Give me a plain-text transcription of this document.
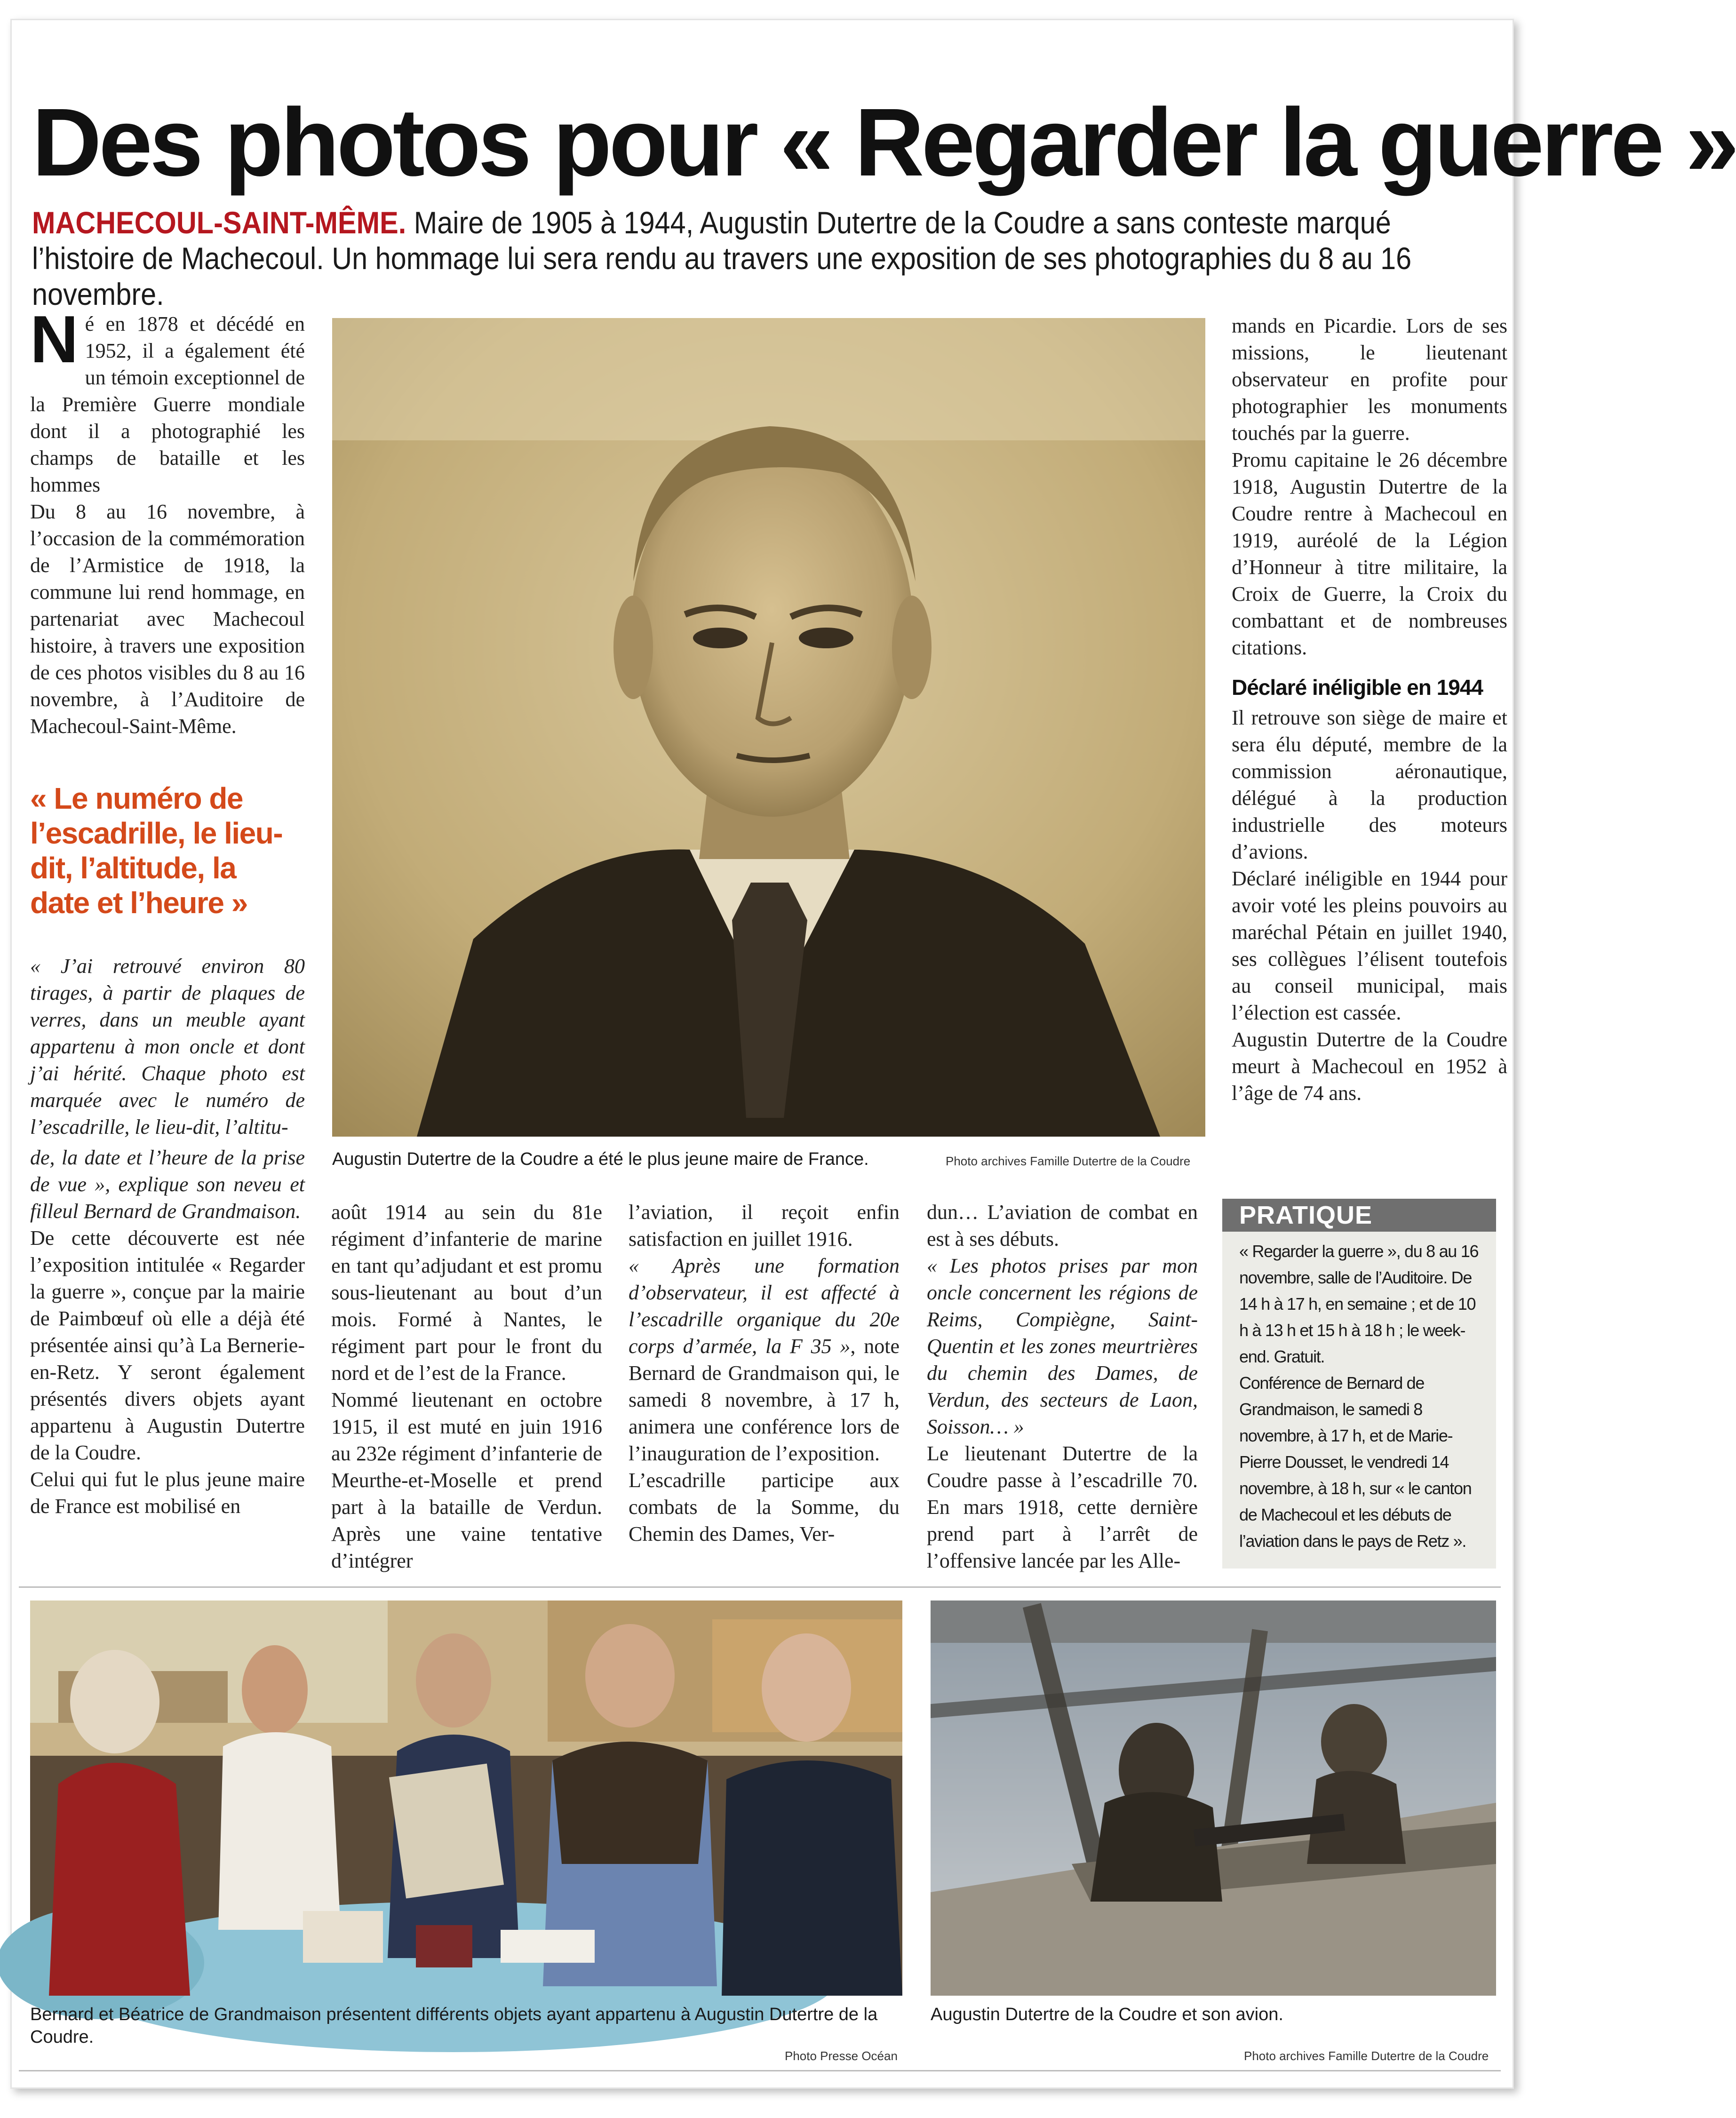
Des photos pour « Regarder la guerre »
MACHECOUL-SAINT-MÊME. Maire de 1905 à 1944, Augustin Dutertre de la Coudre a sans conteste marqué l’histoire de Machecoul. Un hommage lui sera rendu au travers une exposition de ses photographies du 8 au 16 novembre.

Né en 1878 et décédé en 1952, il a également été un témoin exceptionnel de la Première Guerre mondiale dont il a photographié les champs de bataille et les hommes

Du 8 au 16 novembre, à l’occasion de la commémoration de l’Armistice de 1918, la commune lui rend hommage, en partenariat avec Machecoul histoire, à travers une exposition de ces photos visibles du 8 au 16 novembre, à l’Auditoire de Machecoul-Saint-Même.

« Le numéro de l’escadrille, le lieu-dit, l’altitude, la date et l’heure »

« J’ai retrouvé environ 80 tirages, à partir de plaques de verres, dans un meuble ayant appartenu à mon oncle et dont j’ai hérité. Chaque photo est marquée avec le numéro de l’escadrille, le lieu-dit, l’altitu-

Augustin Dutertre de la Coudre a été le plus jeune maire de France.	Photo archives Famille Dutertre de la Coudre

mands en Picardie. Lors de ses missions, le lieutenant observateur en profite pour photographier les monuments touchés par la guerre.

Promu capitaine le 26 décembre 1918, Augustin Dutertre de la Coudre rentre à Machecoul en 1919, auréolé de la Légion d’Honneur à titre militaire, la Croix de Guerre, la Croix du combattant et de nombreuses citations.

Déclaré inéligible en 1944

Il retrouve son siège de maire et sera élu député, membre de la commission aéronautique, délégué à la production industrielle des moteurs d’avions.

Déclaré inéligible en 1944 pour avoir voté les pleins pouvoirs au maréchal Pétain en juillet 1940, ses collègues l’élisent toutefois au conseil municipal, mais l’élection est cassée.

Augustin Dutertre de la Coudre meurt à Machecoul en 1952 à l’âge de 74 ans.

de, la date et l’heure de la prise de vue », explique son neveu et filleul Bernard de Grandmaison.

De cette découverte est née l’exposition intitulée « Regarder la guerre », conçue par la mairie de Paimbœuf où elle a déjà été présentée ainsi qu’à La Bernerie-en-Retz. Y seront également présentés divers objets ayant appartenu à Augustin Dutertre de la Coudre.

Celui qui fut le plus jeune maire de France est mobilisé en

août 1914 au sein du 81e régiment d’infanterie de marine en tant qu’adjudant et est promu sous-lieutenant au bout d’un mois. Formé à Nantes, le régiment part pour le front du nord et de l’est de la France.

Nommé lieutenant en octobre 1915, il est muté en juin 1916 au 232e régiment d’infanterie de Meurthe-et-Moselle et prend part à la bataille de Verdun. Après une vaine tentative d’intégrer

l’aviation, il reçoit enfin satisfaction en juillet 1916.

« Après une formation d’observateur, il est affecté à l’escadrille organique du 20e corps d’armée, la F 35 », note Bernard de Grandmaison qui, le samedi 8 novembre, à 17 h, animera une conférence lors de l’inauguration de l’exposition.

L’escadrille participe aux combats de la Somme, du Chemin des Dames, Ver-

dun… L’aviation de combat en est à ses débuts.

« Les photos prises par mon oncle concernent les régions de Reims, Compiègne, Saint-Quentin et les zones meurtrières du chemin des Dames, de Verdun, des secteurs de Laon, Soisson… »

Le lieutenant Dutertre de la Coudre passe à l’escadrille 70. En mars 1918, cette dernière prend part à l’arrêt de l’offensive lancée par les Alle-

PRATIQUE

« Regarder la guerre », du 8 au 16 novembre, salle de l’Auditoire. De 14 h à 17 h, en semaine ; et de 10 h à 13 h et 15 h à 18 h ; le week-end. Gratuit.

Conférence de Bernard de Grandmaison, le samedi 8 novembre, à 17 h, et de Marie-Pierre Dousset, le vendredi 14 novembre, à 18 h, sur « le canton de Machecoul et les débuts de l’aviation dans le pays de Retz ».

Bernard et Béatrice de Grandmaison présentent différents objets ayant appartenu à Augustin Dutertre de la Coudre.
Photo Presse Océan
Augustin Dutertre de la Coudre et son avion.
Photo archives Famille Dutertre de la Coudre
